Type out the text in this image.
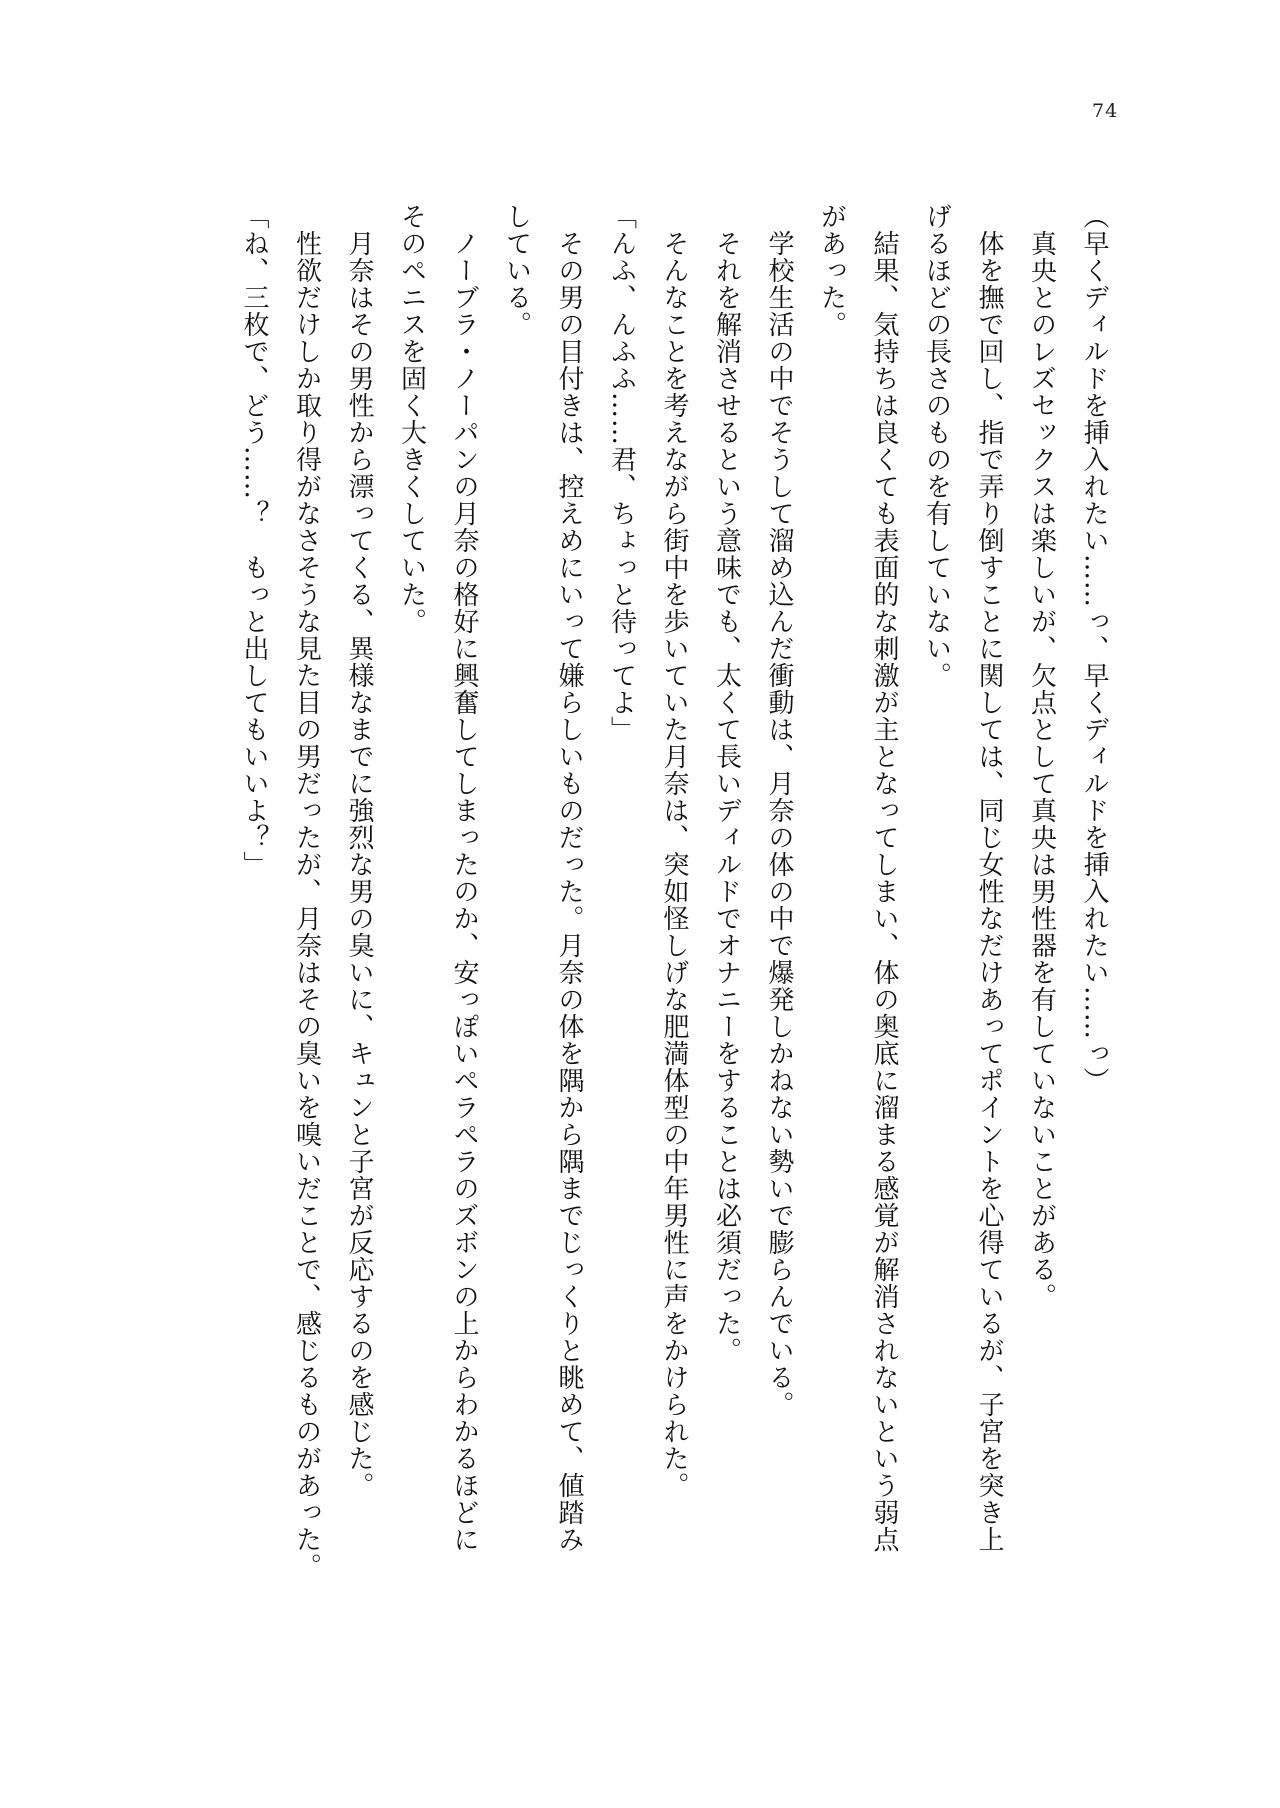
74
（早くディルドを挿入れたい……っ、早くディルドを挿入れたい……っ）
　真央とのレズセックスは楽しいが、欠点として真央は男性器を有していないことがある。
　体を撫で回し、指で弄り倒すことに関しては、同じ女性なだけあってポイントを心得ているが、子宮を突き上
げるほどの長さのものを有していない。
　結果、気持ちは良くても表面的な刺激が主となってしまい、体の奥底に溜まる感覚が解消されないという弱点
があった。
　学校生活の中でそうして溜め込んだ衝動は、月奈の体の中で爆発しかねない勢いで膨らんでいる。
　それを解消させるという意味でも、太くて長いディルドでオナニーをすることは必須だった。
　そんなことを考えながら街中を歩いていた月奈は、突如怪しげな肥満体型の中年男性に声をかけられた。
「んふ、んふふ……君、ちょっと待ってよ」
　その男の目付きは、控えめにいって嫌らしいものだった。月奈の体を隅から隅までじっくりと眺めて、値踏み
している。
　ノーブラ・ノーパンの月奈の格好に興奮してしまったのか、安っぽいペラペラのズボンの上からわかるほどに
そのペニスを固く大きくしていた。
　月奈はその男性から漂ってくる、異様なまでに強烈な男の臭いに、キュンと子宮が反応するのを感じた。
　性欲だけしか取り得がなさそうな見た目の男だったが、月奈はその臭いを嗅いだことで、感じるものがあった。
「ね、三枚で、どう……？　もっと出してもいいよ？」
